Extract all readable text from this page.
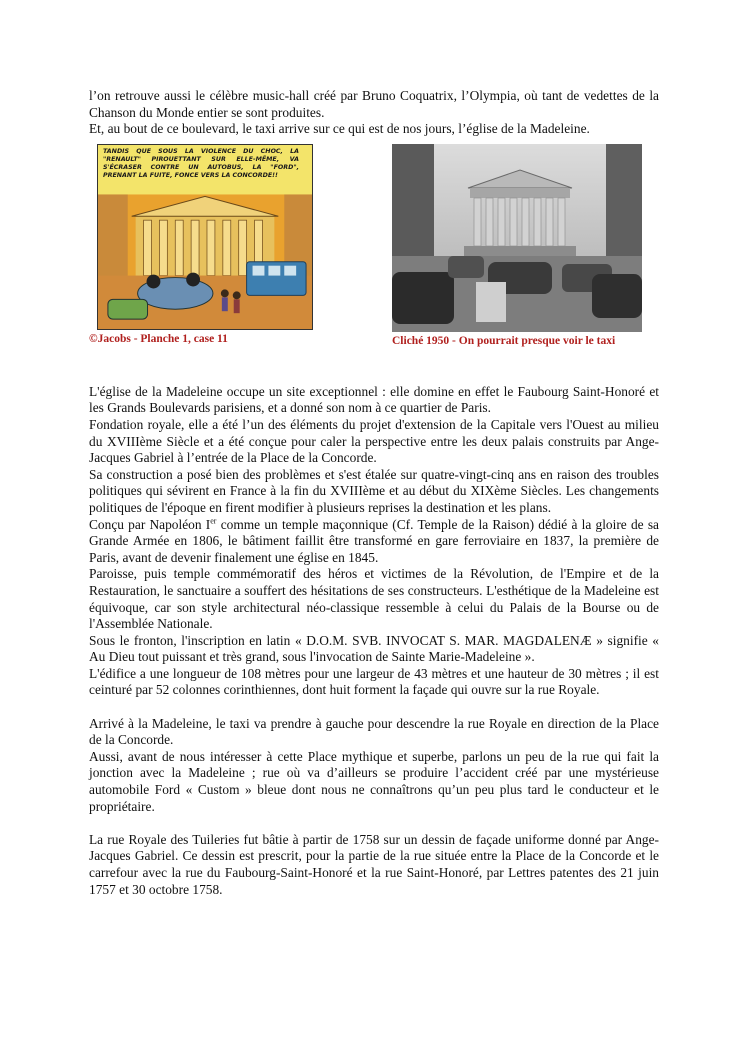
l’on retrouve aussi le célèbre music-hall créé par Bruno Coquatrix, l’Olympia, où tant de vedettes de la Chanson du Monde entier se sont produites.

Et, au bout de ce boulevard, le taxi arrive sur ce qui est de nos jours, l’église de la Madeleine.

TANDIS QUE SOUS LA VIOLENCE DU CHOC, LA "RENAULT" PIROUETTANT SUR ELLE-MÊME, VA S'ÉCRASER CONTRE UN AUTOBUS, LA "FORD", PRENANT LA FUITE, FONCE VERS LA CONCORDE!!
©Jacobs - Planche 1, case 11	Cliché 1950 - On pourrait presque voir le taxi

L'église de la Madeleine occupe un site exceptionnel : elle domine en effet le Faubourg Saint-Honoré et les Grands Boulevards parisiens, et a donné son nom à ce quartier de Paris.

Fondation royale, elle a été l’un des éléments du projet d'extension de la Capitale vers l'Ouest au milieu du XVIIIème Siècle et a été conçue pour caler la perspective entre les deux palais construits par Ange-Jacques Gabriel à l’entrée de la Place de la Concorde.

Sa construction a posé bien des problèmes et s'est étalée sur quatre-vingt-cinq ans en raison des troubles politiques qui sévirent en France à la fin du XVIIIème et au début du XIXème Siècles. Les changements politiques de l'époque en firent modifier à plusieurs reprises la destination et les plans.

Conçu par Napoléon Ier comme un temple maçonnique (Cf. Temple de la Raison) dédié à la gloire de sa Grande Armée en 1806, le bâtiment faillit être transformé en gare ferroviaire en 1837, la première de Paris, avant de devenir finalement une église en 1845.

Paroisse, puis temple commémoratif des héros et victimes de la Révolution, de l'Empire et de la Restauration, le sanctuaire a souffert des hésitations de ses constructeurs. L'esthétique de la Madeleine est équivoque, car son style architectural néo-classique ressemble à celui du Palais de la Bourse ou de l'Assemblée Nationale.

Sous le fronton, l'inscription en latin « D.O.M. SVB. INVOCAT S. MAR. MAGDALENÆ » signifie « Au Dieu tout puissant et très grand, sous l'invocation de Sainte Marie-Madeleine ».

L'édifice a une longueur de 108 mètres pour une largeur de 43 mètres et une hauteur de 30 mètres ; il est ceinturé par 52 colonnes corinthiennes, dont huit forment la façade qui ouvre sur la rue Royale.

Arrivé à la Madeleine, le taxi va prendre à gauche pour descendre la rue Royale en direction de la Place de la Concorde.

Aussi, avant de nous intéresser à cette Place mythique et superbe, parlons un peu de la rue qui fait la jonction avec la Madeleine ; rue où va d’ailleurs se produire l’accident créé par une mystérieuse automobile Ford « Custom » bleue dont nous ne connaîtrons qu’un peu plus tard le conducteur et le propriétaire.

La rue Royale des Tuileries fut bâtie à partir de 1758 sur un dessin de façade uniforme donné par Ange-Jacques Gabriel. Ce dessin est prescrit, pour la partie de la rue située entre la Place de la Concorde et le carrefour avec la rue du Faubourg-Saint-Honoré et la rue Saint-Honoré, par Lettres patentes des 21 juin 1757 et 30 octobre 1758.
